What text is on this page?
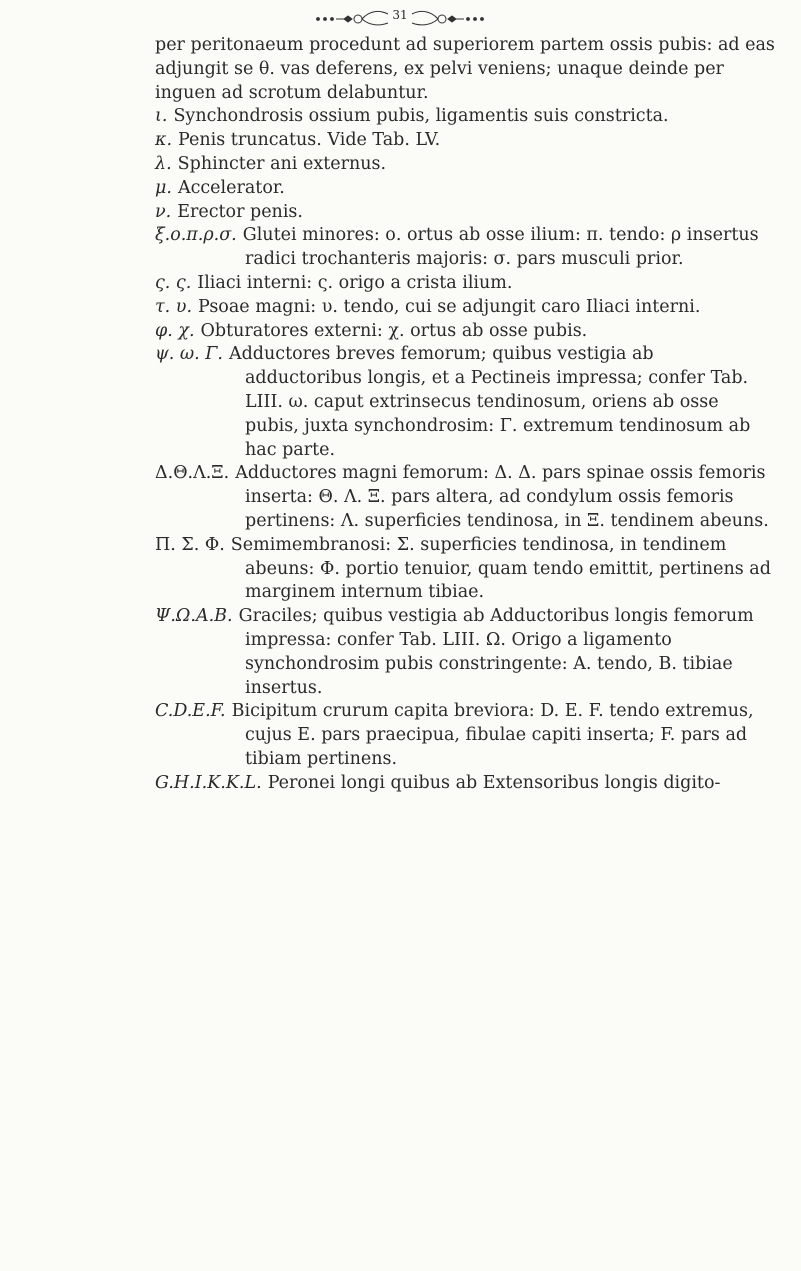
31

per peritonaeum procedunt ad superiorem partem ossis pubis: ad eas adjungit se θ. vas deferens, ex pelvi veniens; unaque deinde per inguen ad scrotum delabuntur.

ι. Synchondrosis ossium pubis, ligamentis suis constricta.

κ. Penis truncatus. Vide Tab. LV.

λ. Sphincter ani externus.

μ. Accelerator.

ν. Erector penis.

ξ.ο.π.ρ.σ. Glutei minores: ο. ortus ab osse ilium: π. tendo: ρ insertus radici trochanteris majoris: σ. pars musculi prior.

ς. ς. Iliaci interni: ς. origo a crista ilium.

τ. υ. Psoae magni: υ. tendo, cui se adjungit caro Iliaci interni.

φ. χ. Obturatores externi: χ. ortus ab osse pubis.

ψ. ω. Γ. Adductores breves femorum; quibus vestigia ab adductoribus longis, et a Pectineis impressa; confer Tab. LIII. ω. caput extrinsecus tendinosum, oriens ab osse pubis, juxta synchondrosim: Γ. extremum tendinosum ab hac parte.

Δ.Θ.Λ.Ξ. Adductores magni femorum: Δ. Δ. pars spinae ossis femoris inserta: Θ. Λ. Ξ. pars altera, ad condylum ossis femoris pertinens: Λ. superficies tendinosa, in Ξ. tendinem abeuns.

Π. Σ. Φ. Semimembranosi: Σ. superficies tendinosa, in tendinem abeuns: Φ. portio tenuior, quam tendo emittit, pertinens ad marginem internum tibiae.

Ψ.Ω.A.B. Graciles; quibus vestigia ab Adductoribus longis femorum impressa: confer Tab. LIII. Ω. Origo a ligamento synchondrosim pubis constringente: A. tendo, B. tibiae insertus.

C.D.E.F. Bicipitum crurum capita breviora: D. E. F. tendo extremus, cujus E. pars praecipua, fibulae capiti inserta; F. pars ad tibiam pertinens.

G.H.I.K.K.L. Peronei longi quibus ab Extensoribus longis digito-
